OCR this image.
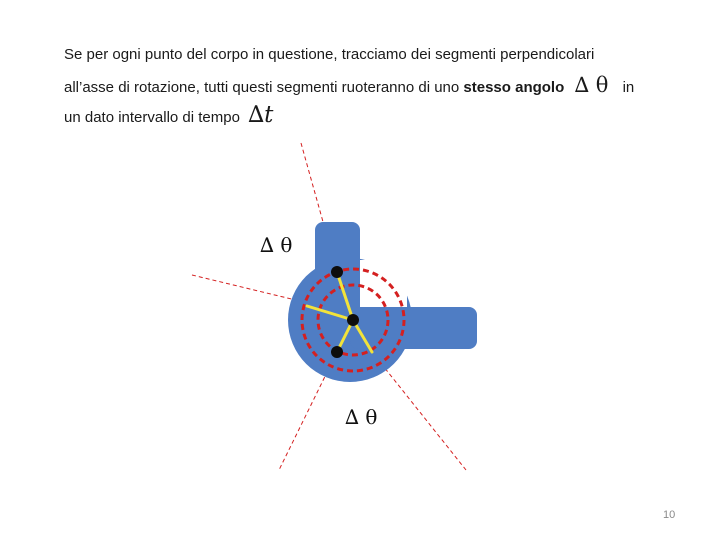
Se per ogni punto del corpo in questione, tracciamo dei segmenti perpendicolari
all’asse di rotazione, tutti questi segmenti ruoteranno di uno stesso angolo ∆ θ in
un dato intervallo di tempo ∆t
∆ θ
∆ θ
10
